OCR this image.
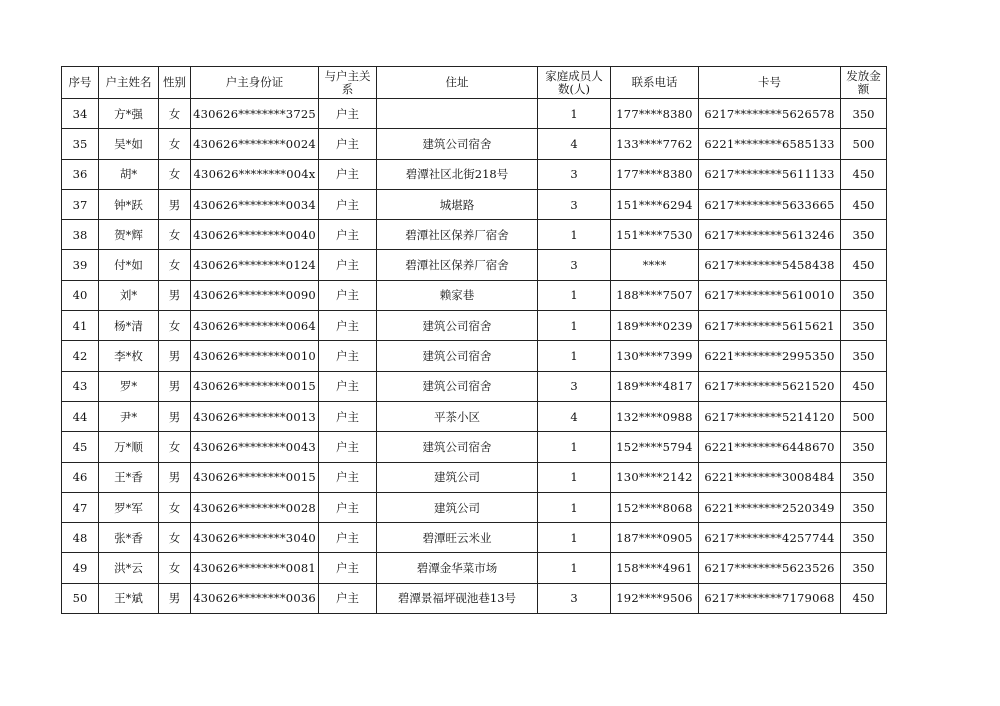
序号	户主姓名	性别	户主身份证	与户主关系	住址	家庭成员人数(人)	联系电话	卡号	发放金额
34	方*强	女	430626********3725	户主		1	177****8380	6217********5626578	350
35	吴*如	女	430626********0024	户主	建筑公司宿舍	4	133****7762	6221********6585133	500
36	胡*	女	430626********004x	户主	碧潭社区北街218号	3	177****8380	6217********5611133	450
37	钟*跃	男	430626********0034	户主	城堪路	3	151****6294	6217********5633665	450
38	贺*辉	女	430626********0040	户主	碧潭社区保养厂宿舍	1	151****7530	6217********5613246	350
39	付*如	女	430626********0124	户主	碧潭社区保养厂宿舍	3	****	6217********5458438	450
40	刘*	男	430626********0090	户主	赖家巷	1	188****7507	6217********5610010	350
41	杨*清	女	430626********0064	户主	建筑公司宿舍	1	189****0239	6217********5615621	350
42	李*枚	男	430626********0010	户主	建筑公司宿舍	1	130****7399	6221********2995350	350
43	罗*	男	430626********0015	户主	建筑公司宿舍	3	189****4817	6217********5621520	450
44	尹*	男	430626********0013	户主	平茶小区	4	132****0988	6217********5214120	500
45	万*顺	女	430626********0043	户主	建筑公司宿舍	1	152****5794	6221********6448670	350
46	王*香	男	430626********0015	户主	建筑公司	1	130****2142	6221********3008484	350
47	罗*军	女	430626********0028	户主	建筑公司	1	152****8068	6221********2520349	350
48	张*香	女	430626********3040	户主	碧潭旺云米业	1	187****0905	6217********4257744	350
49	洪*云	女	430626********0081	户主	碧潭金华菜市场	1	158****4961	6217********5623526	350
50	王*斌	男	430626********0036	户主	碧潭景福坪砚池巷13号	3	192****9506	6217********7179068	450
